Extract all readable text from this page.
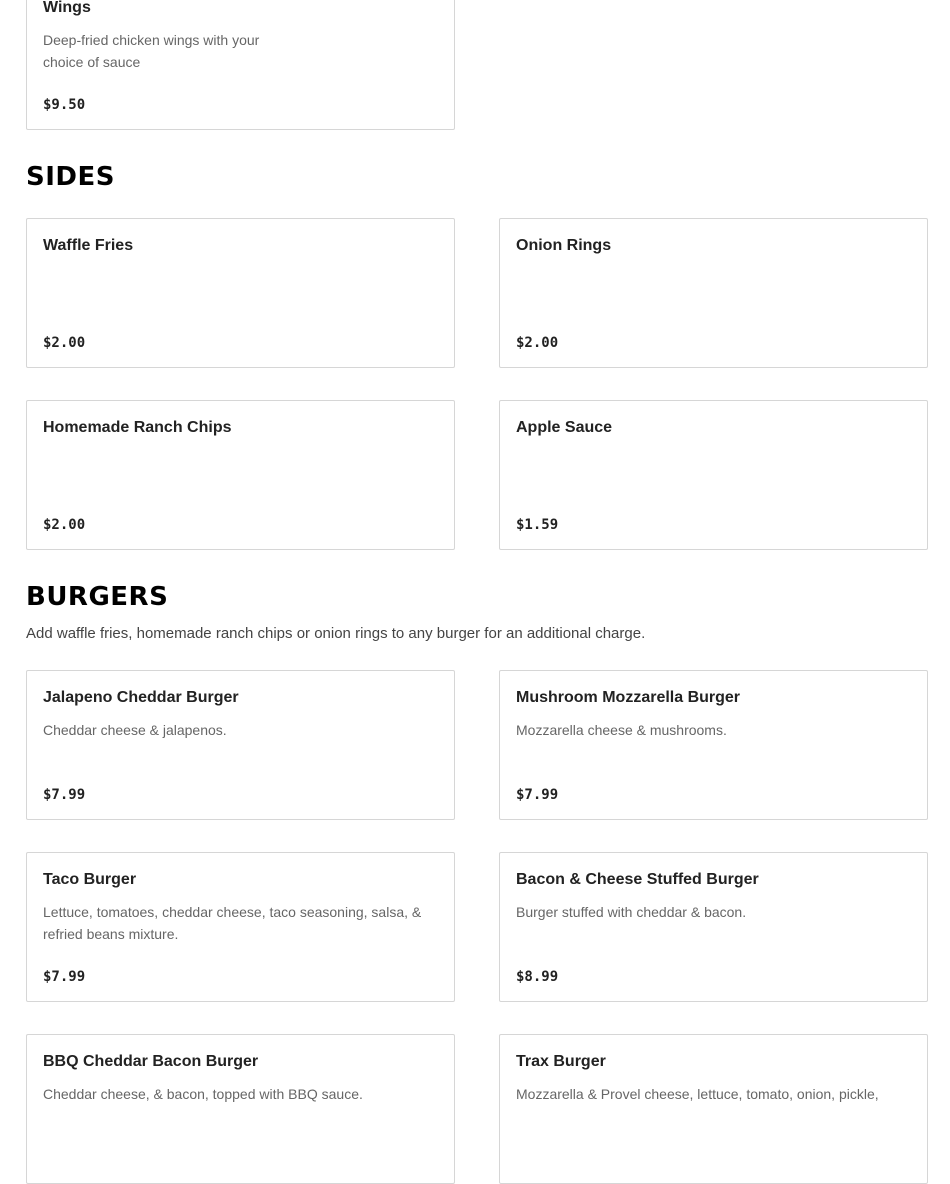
Wings
Deep-fried chicken wings with your choice of sauce
$9.50
SIDES
Waffle Fries
$2.00
Onion Rings
$2.00
Homemade Ranch Chips
$2.00
Apple Sauce
$1.59
BURGERS
Add waffle fries, homemade ranch chips or onion rings to any burger for an additional charge.
Jalapeno Cheddar Burger
Cheddar cheese & jalapenos.
$7.99
Mushroom Mozzarella Burger
Mozzarella cheese & mushrooms.
$7.99
Taco Burger
Lettuce, tomatoes, cheddar cheese, taco seasoning, salsa, & refried beans mixture.
$7.99
Bacon & Cheese Stuffed Burger
Burger stuffed with cheddar & bacon.
$8.99
BBQ Cheddar Bacon Burger
Cheddar cheese, & bacon, topped with BBQ sauce.
Trax Burger
Mozzarella & Provel cheese, lettuce, tomato, onion, pickle,
